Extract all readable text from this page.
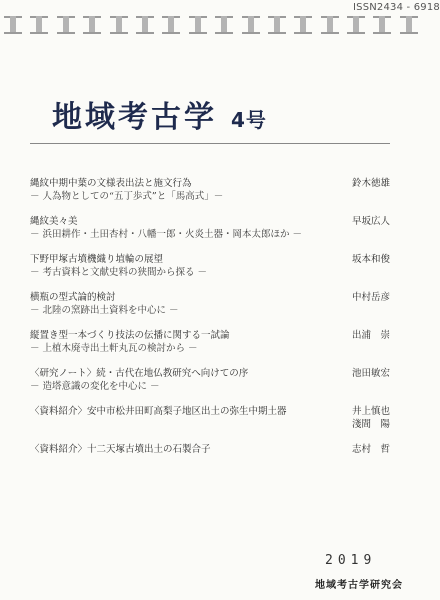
ISSN2434 - 6918
地域考古学 4号
縄紋中期中葉の文様表出法と施文行為
－ 人為物としての“五丁歩式”と「馬高式」－
鈴木徳雄
縄紋美々美
－ 浜田耕作・土田杏村・八幡一郎・火炎土器・岡本太郎ほか －
早坂広人
下野甲塚古墳機織り埴輪の展望
－ 考古資料と文献史料の狭間から探る －
坂本和俊
横瓶の型式論的検討
－ 北陸の窯跡出土資料を中心に －
中村岳彦
縦置き型一本づくり技法の伝播に関する一試論
－ 上植木廃寺出土軒丸瓦の検討から －
出浦　崇
〈研究ノート〉続・古代在地仏教研究へ向けての序
－ 造塔意識の変化を中心に －
池田敏宏
〈資料紹介〉安中市松井田町高梨子地区出土の弥生中期土器	井上慎也
淺間　陽
〈資料紹介〉十二天塚古墳出土の石製合子	志村　哲
2019
地域考古学研究会
